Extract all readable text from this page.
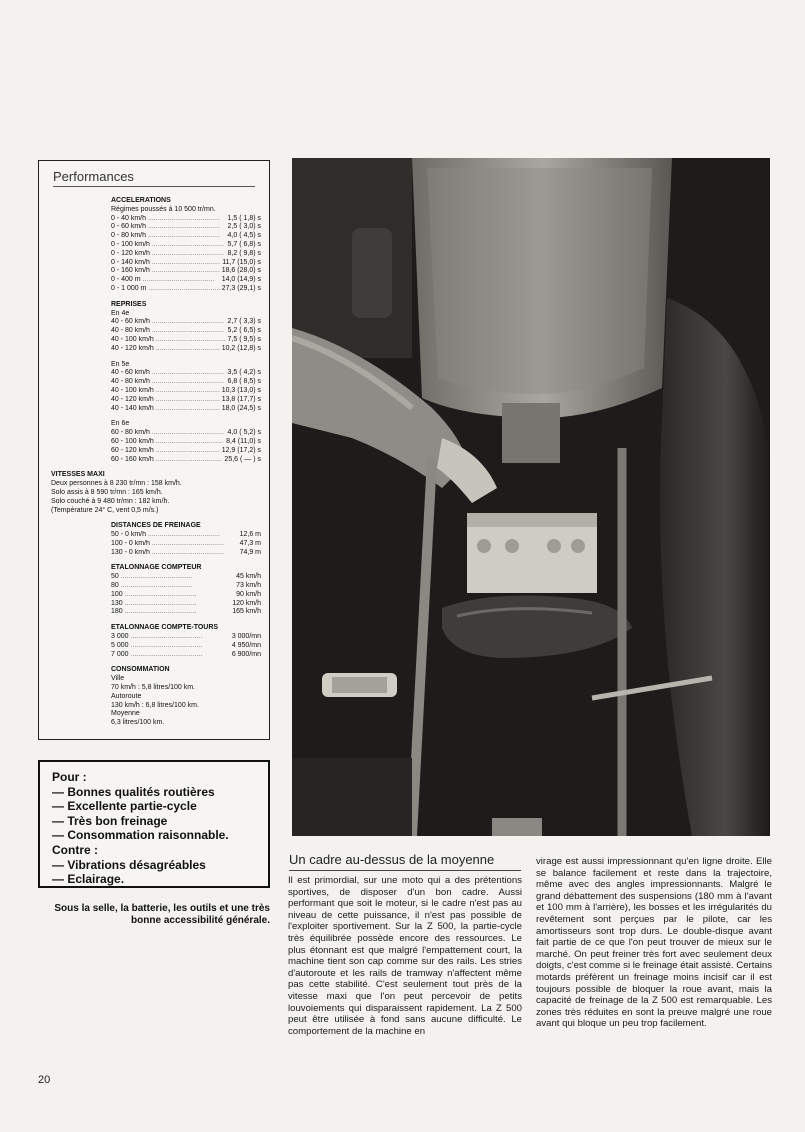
Performances
ACCELERATIONS
Régimes poussés à 10 500 tr/mn.
0 - 40 km/h .....	1,5 ( 1,8) s
0 - 60 km/h .....	2,5 ( 3,0) s
0 - 80 km/h .....	4,0 ( 4,5) s
0 - 100 km/h .....	5,7 ( 6,8) s
0 - 120 km/h .....	8,2 ( 9,8) s
0 - 140 km/h .....	11,7 (15,0) s
0 - 160 km/h .....	18,6 (28,0) s
0 - 400 m .....	14,0 (14,9) s
0 - 1 000 m .....	27,3 (29,1) s
REPRISES
En 4e
40 - 60 km/h .....	2,7 ( 3,3) s
40 - 80 km/h .....	5,2 ( 6,5) s
40 - 100 km/h .....	7,5 ( 9,5) s
40 - 120 km/h .....	10,2 (12,8) s
En 5e
40 - 60 km/h .....	3,5 ( 4,2) s
40 - 80 km/h .....	6,8 ( 8,5) s
40 - 100 km/h .....	10,3 (13,0) s
40 - 120 km/h .....	13,8 (17,7) s
40 - 140 km/h .....	18,0 (24,5) s
En 6e
60 - 80 km/h .....	4,0 ( 5,2) s
60 - 100 km/h .....	8,4 (11,0) s
60 - 120 km/h .....	12,9 (17,2) s
60 - 160 km/h .....	25,6 ( — ) s
VITESSES MAXI
Deux personnes à 8 230 tr/mn : 158 km/h.
Solo assis à 8 590 tr/mn : 165 km/h.
Solo couché à 9 480 tr/mn : 182 km/h.
(Température 24° C, vent 0,5 m/s.)
DISTANCES DE FREINAGE
50 - 0 km/h .....	12,6 m
100 - 0 km/h .....	47,3 m
130 - 0 km/h .....	74,9 m
ETALONNAGE COMPTEUR
50 .....	45 km/h
80 .....	73 km/h
100 .....	90 km/h
130 .....	120 km/h
180 .....	165 km/h
ETALONNAGE COMPTE-TOURS
3 000 .....	3 000/mn
5 000 .....	4 950/mn
7 000 .....	6 900/mn
CONSOMMATION
Ville
70 km/h : 5,8 litres/100 km.
Autoroute
130 km/h : 6,8 litres/100 km.
Moyenne
6,3 litres/100 km.
Pour :
— Bonnes qualités routières
— Excellente partie-cycle
— Très bon freinage
— Consommation raisonnable.
Contre :
— Vibrations désagréables
— Eclairage.
Sous la selle, la batterie, les outils et une très bonne accessibilité générale.
Un cadre au-dessus de la moyenne
Il est primordial, sur une moto qui a des prétentions sportives, de disposer d'un bon cadre. Aussi performant que soit le moteur, si le cadre n'est pas au niveau de cette puissance, il n'est pas possible de l'exploiter sportivement. Sur la Z 500, la partie-cycle très équilibrée possède encore des ressources. Le plus étonnant est que malgré l'empattement court, la machine tient son cap comme sur des rails. Les stries d'autoroute et les rails de tramway n'affectent même pas cette stabilité. C'est seulement tout près de la vitesse maxi que l'on peut percevoir de petits louvoiements qui disparaissent rapidement. La Z 500 peut être utilisée à fond sans aucune difficulté. Le comportement de la machine en
virage est aussi impressionnant qu'en ligne droite. Elle se balance facilement et reste dans la trajectoire, même avec des angles impressionnants. Malgré le grand débattement des suspensions (180 mm à l'avant et 100 mm à l'arrière), les bosses et les irrégularités du revêtement sont perçues par le pilote, car les amortisseurs sont trop durs. Le double-disque avant fait partie de ce que l'on peut trouver de mieux sur le marché. On peut freiner très fort avec seulement deux doigts, c'est comme si le freinage était assisté. Certains motards préfèrent un freinage moins incisif car il est toujours possible de bloquer la roue avant, mais la capacité de freinage de la Z 500 est remarquable. Les zones très réduites en sont la preuve malgré une roue avant qui bloque un peu trop facilement.
20
